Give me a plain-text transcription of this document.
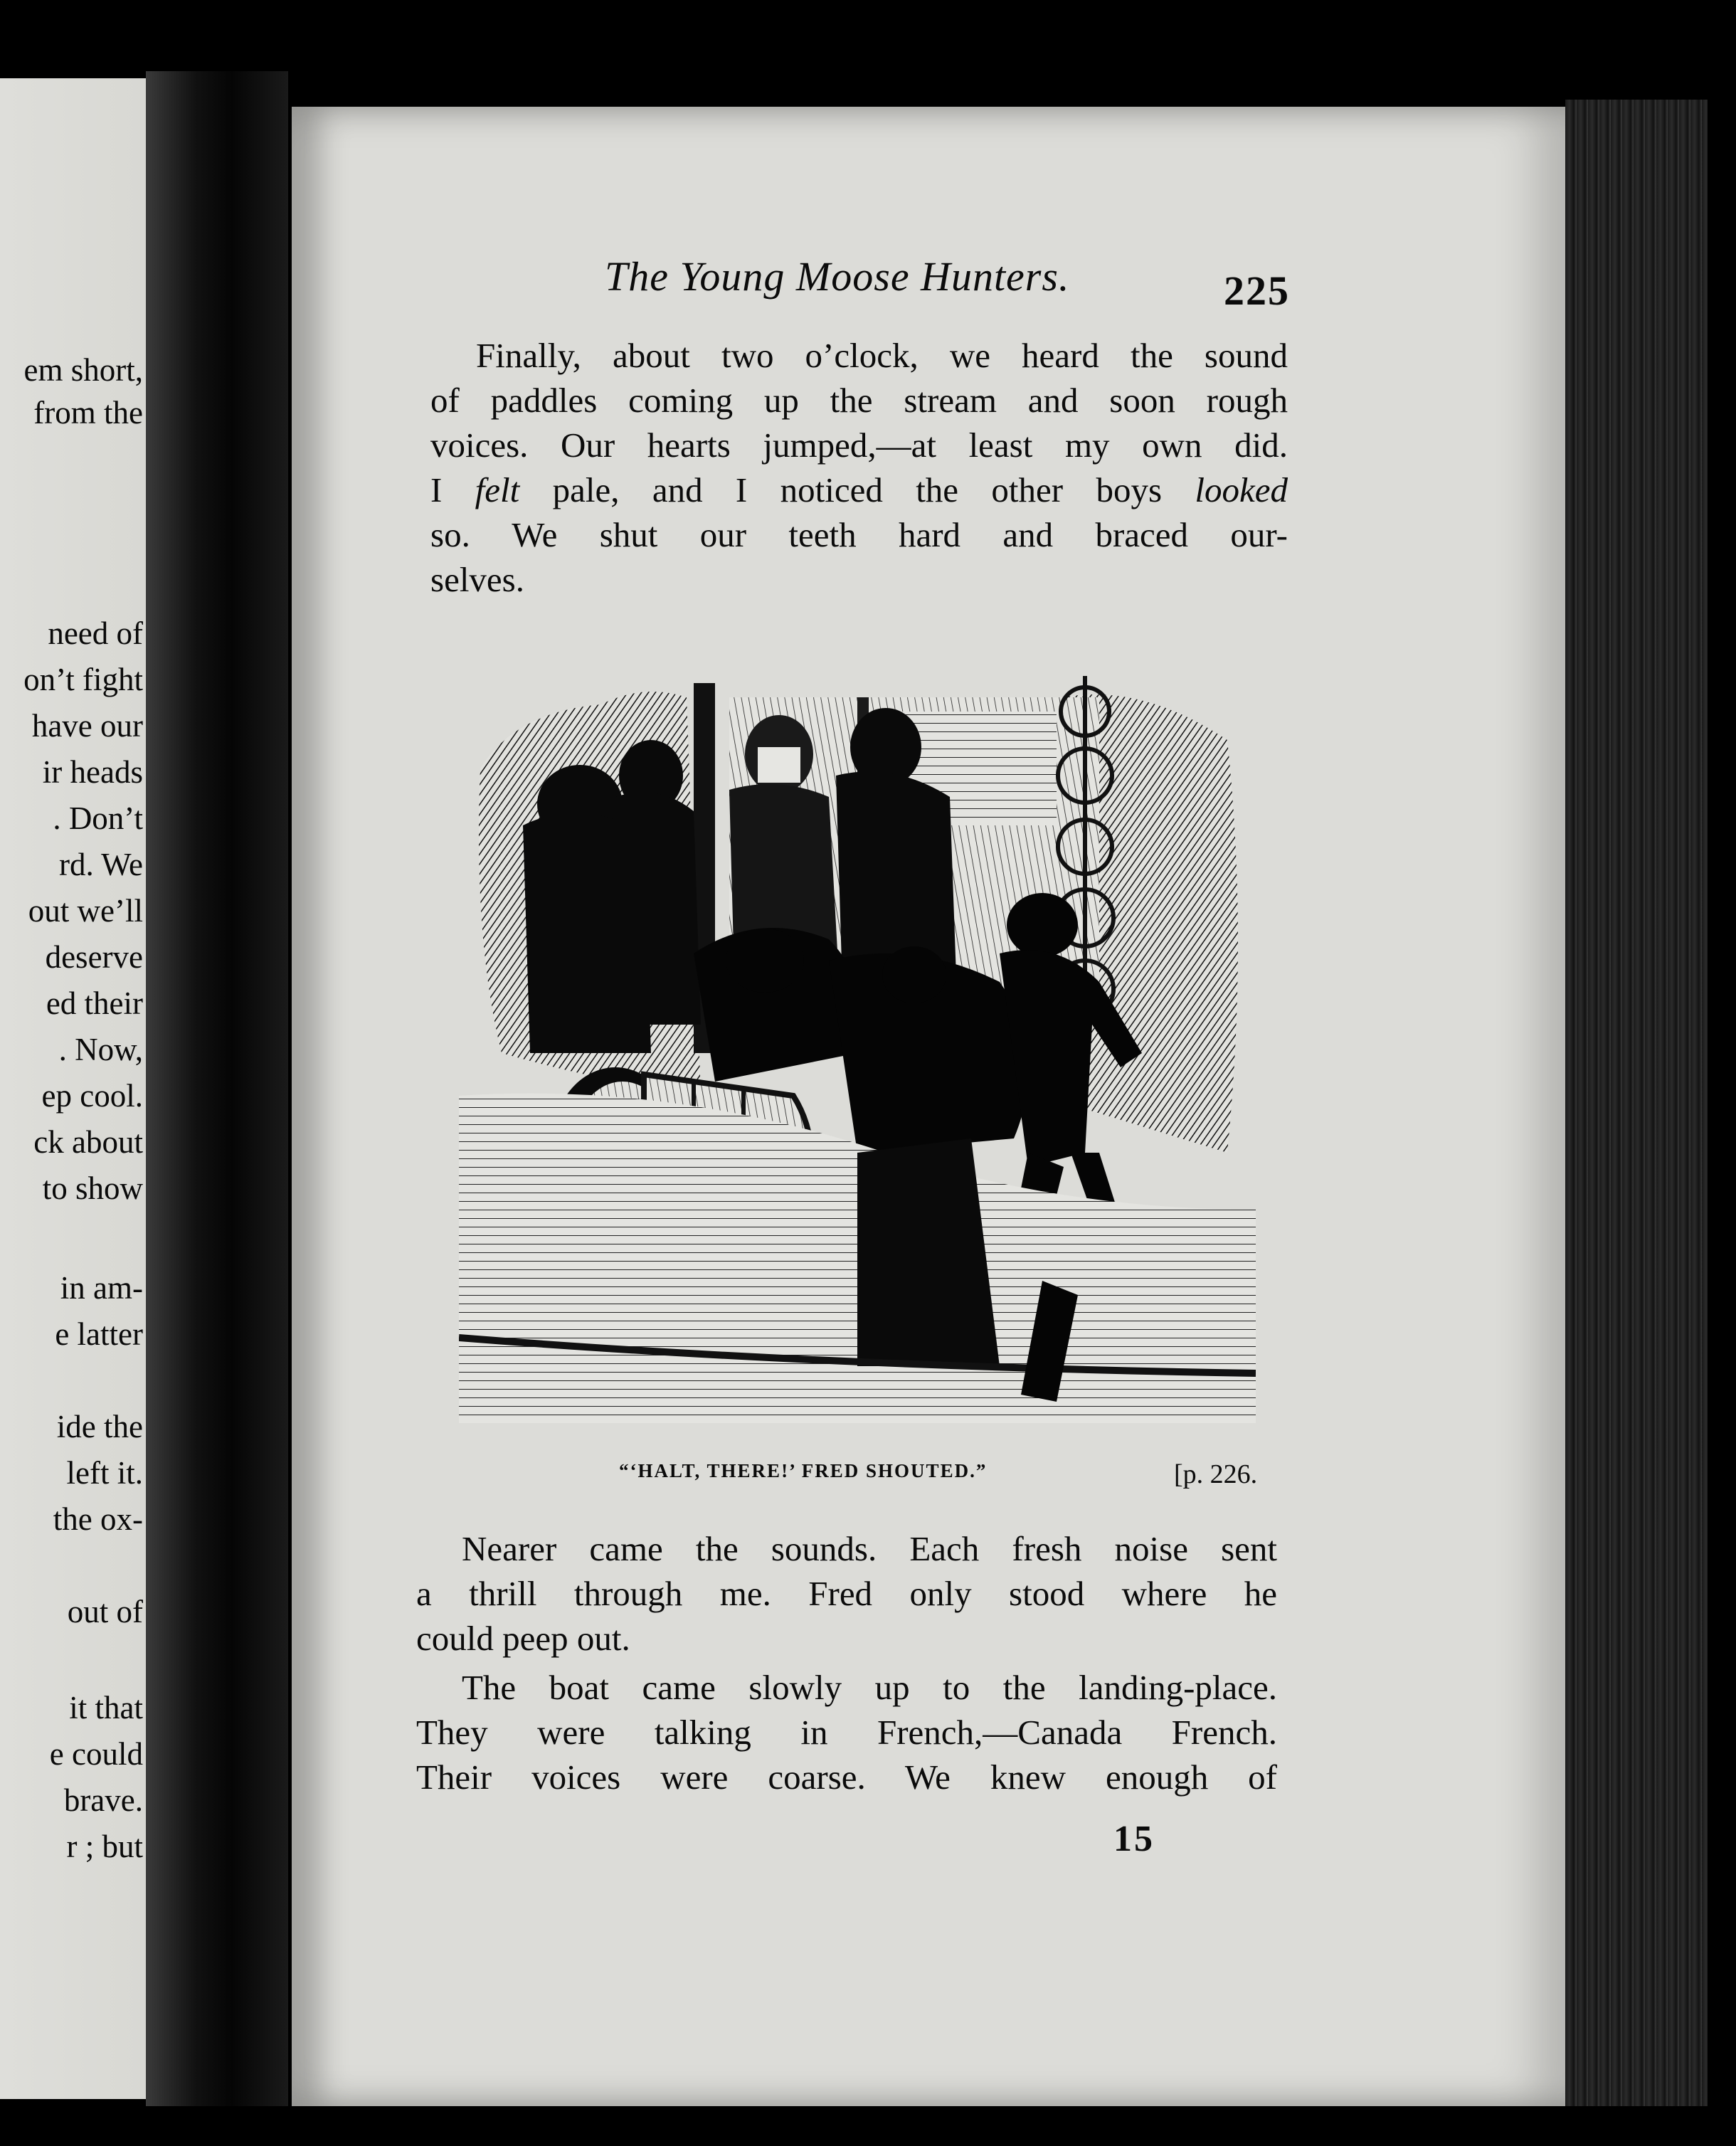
em short,
from the
need of
on’t fight
have our
ir heads
. Don’t
rd. We
out we’ll
deserve
ed their
. Now,
ep cool.
ck about
to show
in am-
e latter
ide the
left it.
the ox-
out of
it that
e could
brave.
r ; but
The Young Moose Hunters.	225
Finally, about two o’clock, we heard the sound
of paddles coming up the stream and soon rough
voices. Our hearts jumped,—at least my own did.
I felt pale, and I noticed the other boys looked
so. We shut our teeth hard and braced our-
selves.
“‘HALT, THERE!’ FRED SHOUTED.”	[p. 226.
Nearer came the sounds. Each fresh noise sent
a thrill through me. Fred only stood where he
could peep out.
The boat came slowly up to the landing-place.
They were talking in French,—Canada French.
Their voices were coarse. We knew enough of
15
